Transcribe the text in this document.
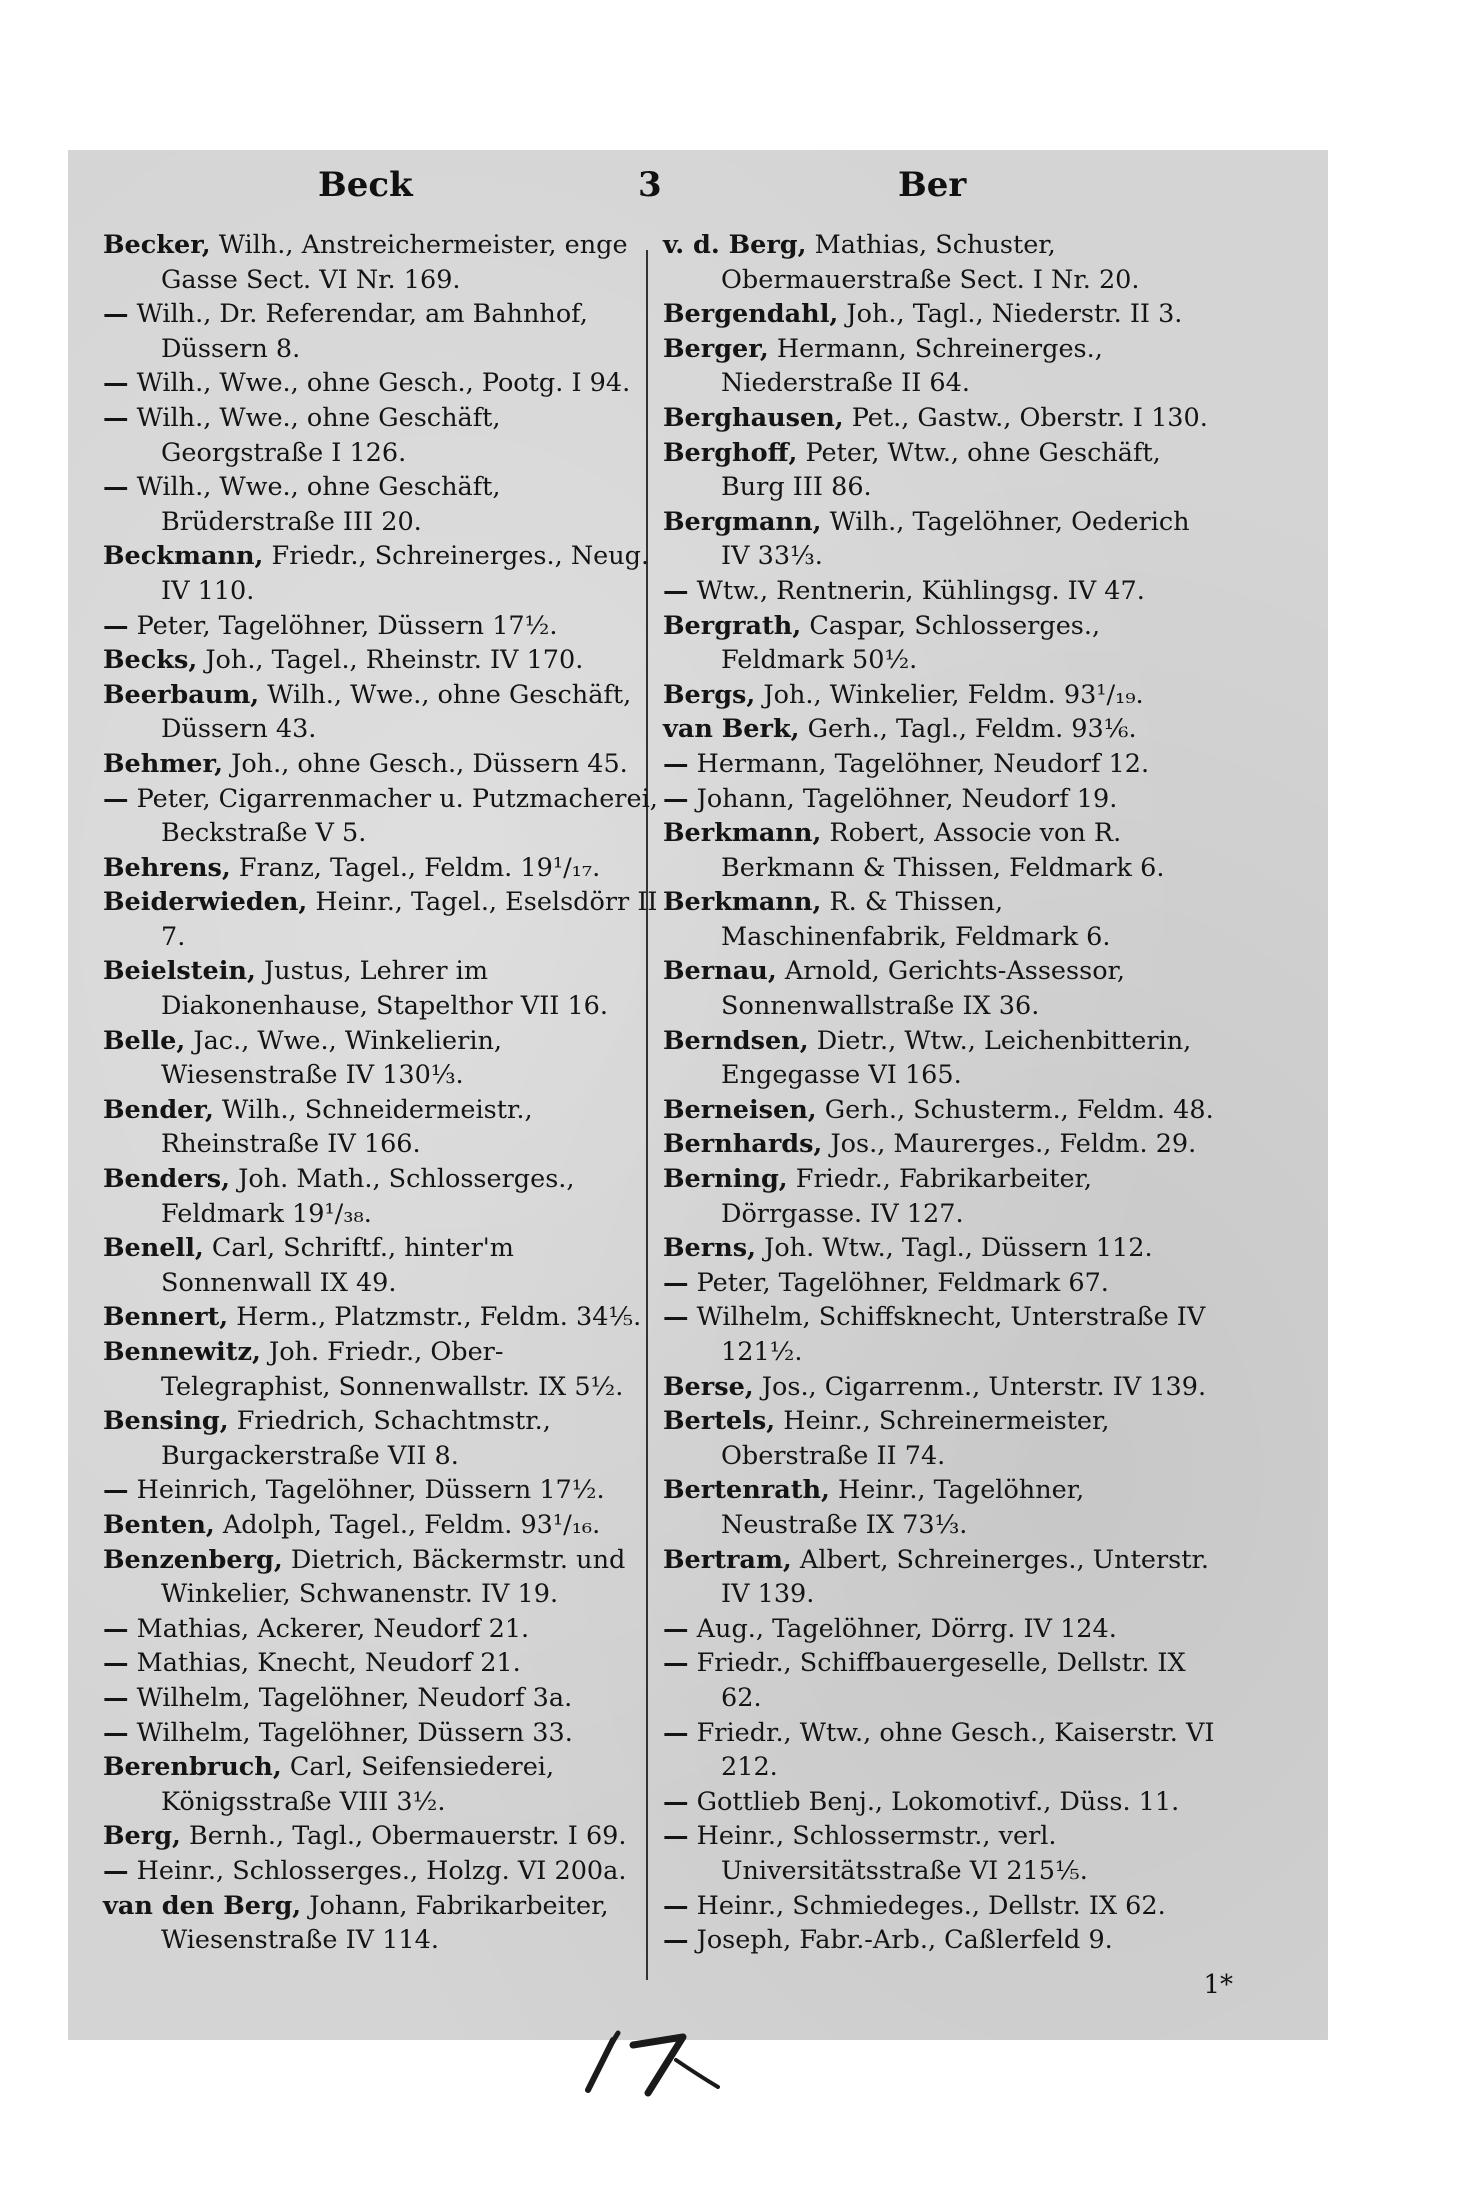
Beck	3	Ber

Becker, Wilh., Anstreichermeister, enge Gasse Sect. VI Nr. 169.

— Wilh., Dr. Referendar, am Bahnhof, Düssern 8.

— Wilh., Wwe., ohne Gesch., Pootg. I 94.

— Wilh., Wwe., ohne Geschäft, Georgstraße I 126.

— Wilh., Wwe., ohne Geschäft, Brüderstraße III 20.

Beckmann, Friedr., Schreinerges., Neug. IV 110.

— Peter, Tagelöhner, Düssern 17½.

Becks, Joh., Tagel., Rheinstr. IV 170.

Beerbaum, Wilh., Wwe., ohne Geschäft, Düssern 43.

Behmer, Joh., ohne Gesch., Düssern 45.

— Peter, Cigarrenmacher u. Putzmacherei, Beckstraße V 5.

Behrens, Franz, Tagel., Feldm. 19¹/₁₇.

Beiderwieden, Heinr., Tagel., Eselsdörr II 7.

Beielstein, Justus, Lehrer im Diakonenhause, Stapelthor VII 16.

Belle, Jac., Wwe., Winkelierin, Wiesenstraße IV 130⅓.

Bender, Wilh., Schneidermeistr., Rheinstraße IV 166.

Benders, Joh. Math., Schlosserges., Feldmark 19¹/₃₈.

Benell, Carl, Schriftf., hinter'm Sonnenwall IX 49.

Bennert, Herm., Platzmstr., Feldm. 34⅕.

Bennewitz, Joh. Friedr., Ober-Telegraphist, Sonnenwallstr. IX 5½.

Bensing, Friedrich, Schachtmstr., Burgackerstraße VII 8.

— Heinrich, Tagelöhner, Düssern 17½.

Benten, Adolph, Tagel., Feldm. 93¹/₁₆.

Benzenberg, Dietrich, Bäckermstr. und Winkelier, Schwanenstr. IV 19.

— Mathias, Ackerer, Neudorf 21.

— Mathias, Knecht, Neudorf 21.

— Wilhelm, Tagelöhner, Neudorf 3a.

— Wilhelm, Tagelöhner, Düssern 33.

Berenbruch, Carl, Seifensiederei, Königsstraße VIII 3½.

Berg, Bernh., Tagl., Obermauerstr. I 69.

— Heinr., Schlosserges., Holzg. VI 200a.

van den Berg, Johann, Fabrikarbeiter, Wiesenstraße IV 114.

v. d. Berg, Mathias, Schuster, Obermauerstraße Sect. I Nr. 20.

Bergendahl, Joh., Tagl., Niederstr. II 3.

Berger, Hermann, Schreinerges., Niederstraße II 64.

Berghausen, Pet., Gastw., Oberstr. I 130.

Berghoff, Peter, Wtw., ohne Geschäft, Burg III 86.

Bergmann, Wilh., Tagelöhner, Oederich IV 33⅓.

— Wtw., Rentnerin, Kühlingsg. IV 47.

Bergrath, Caspar, Schlosserges., Feldmark 50½.

Bergs, Joh., Winkelier, Feldm. 93¹/₁₉.

van Berk, Gerh., Tagl., Feldm. 93⅙.

— Hermann, Tagelöhner, Neudorf 12.

— Johann, Tagelöhner, Neudorf 19.

Berkmann, Robert, Associe von R. Berkmann & Thissen, Feldmark 6.

Berkmann, R. & Thissen, Maschinenfabrik, Feldmark 6.

Bernau, Arnold, Gerichts-Assessor, Sonnenwallstraße IX 36.

Berndsen, Dietr., Wtw., Leichenbitterin, Engegasse VI 165.

Berneisen, Gerh., Schusterm., Feldm. 48.

Bernhards, Jos., Maurerges., Feldm. 29.

Berning, Friedr., Fabrikarbeiter, Dörrgasse. IV 127.

Berns, Joh. Wtw., Tagl., Düssern 112.

— Peter, Tagelöhner, Feldmark 67.

— Wilhelm, Schiffsknecht, Unterstraße IV 121½.

Berse, Jos., Cigarrenm., Unterstr. IV 139.

Bertels, Heinr., Schreinermeister, Oberstraße II 74.

Bertenrath, Heinr., Tagelöhner, Neustraße IX 73⅓.

Bertram, Albert, Schreinerges., Unterstr. IV 139.

— Aug., Tagelöhner, Dörrg. IV 124.

— Friedr., Schiffbauergeselle, Dellstr. IX 62.

— Friedr., Wtw., ohne Gesch., Kaiserstr. VI 212.

— Gottlieb Benj., Lokomotivf., Düss. 11.

— Heinr., Schlossermstr., verl. Universitätsstraße VI 215⅕.

— Heinr., Schmiedeges., Dellstr. IX 62.

— Joseph, Fabr.-Arb., Caßlerfeld 9.

1*
